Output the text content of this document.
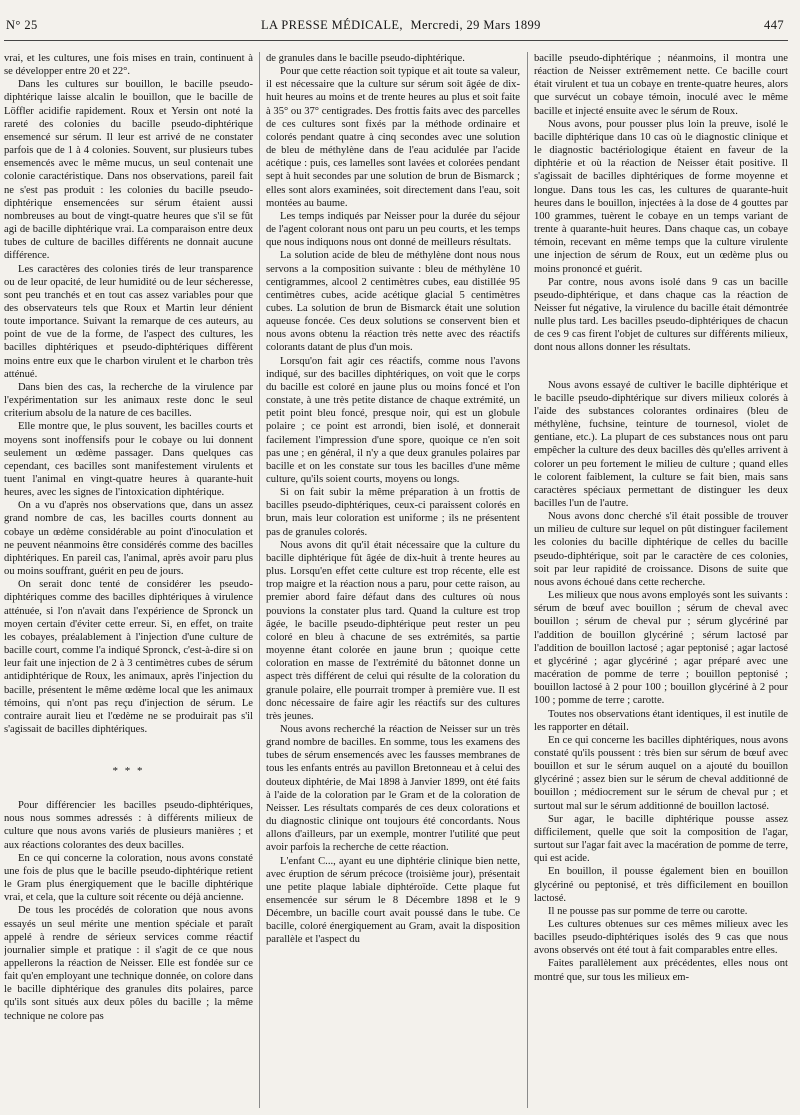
N° 25	LA PRESSE MÉDICALE, Mercredi, 29 Mars 1899	447

vrai, et les cultures, une fois mises en train, continuent à se développer entre 20 et 22°.

Dans les cultures sur bouillon, le bacille pseudo-diphtérique laisse alcalin le bouillon, que le bacille de Löffler acidifie rapidement. Roux et Yersin ont noté la rareté des colonies du bacille pseudo-diphtérique ensemencé sur sérum. Il leur est arrivé de ne constater parfois que de 1 à 4 colonies. Souvent, sur plusieurs tubes ensemencés avec le même mucus, un seul contenait une colonie caractéristique. Dans nos observations, pareil fait ne s'est pas produit : les colonies du bacille pseudo-diphtérique ensemencées sur sérum étaient aussi nombreuses au bout de vingt-quatre heures que s'il se fût agi de bacille diphtérique vrai. La comparaison entre deux tubes de culture de bacilles différents ne donnait aucune différence.

Les caractères des colonies tirés de leur transparence ou de leur opacité, de leur humidité ou de leur sécheresse, sont peu tranchés et en tout cas assez variables pour que des observateurs tels que Roux et Martin leur dénient toute importance. Suivant la remarque de ces auteurs, au point de vue de la forme, de l'aspect des cultures, les bacilles diphtériques et pseudo-diphtériques diffèrent moins entre eux que le charbon virulent et le charbon très atténué.

Dans bien des cas, la recherche de la virulence par l'expérimentation sur les animaux reste donc le seul criterium absolu de la nature de ces bacilles.

Elle montre que, le plus souvent, les bacilles courts et moyens sont inoffensifs pour le cobaye ou lui donnent seulement un œdème passager. Dans quelques cas cependant, ces bacilles sont manifestement virulents et tuent l'animal en vingt-quatre heures à quarante-huit heures, avec les signes de l'intoxication diphtérique.

On a vu d'après nos observations que, dans un assez grand nombre de cas, les bacilles courts donnent au cobaye un œdème considérable au point d'inoculation et ne peuvent néanmoins être considérés comme des bacilles diphtériques. En pareil cas, l'animal, après avoir paru plus ou moins souffrant, guérit en peu de jours.

On serait donc tenté de considérer les pseudo-diphtériques comme des bacilles diphtériques à virulence atténuée, si l'on n'avait dans l'expérience de Spronck un moyen certain d'éviter cette erreur. Si, en effet, on traite les cobayes, préalablement à l'injection d'une culture de bacille court, comme l'a indiqué Spronck, c'est-à-dire si on leur fait une injection de 2 à 3 centimètres cubes de sérum antidiphtérique de Roux, les animaux, après l'injection du bacille, présentent le même œdème local que les animaux témoins, qui n'ont pas reçu d'injection de sérum. Le contraire aurait lieu et l'œdème ne se produirait pas s'il s'agissait de bacilles diphtériques.

* * *

Pour différencier les bacilles pseudo-diphtériques, nous nous sommes adressés : à différents milieux de culture que nous avons variés de plusieurs manières ; et aux réactions colorantes des deux bacilles.

En ce qui concerne la coloration, nous avons constaté une fois de plus que le bacille pseudo-diphtérique retient le Gram plus énergiquement que le bacille diphtérique vrai, et cela, que la culture soit récente ou déjà ancienne.

De tous les procédés de coloration que nous avons essayés un seul mérite une mention spéciale et paraît appelé à rendre de sérieux services comme réactif journalier simple et pratique : il s'agit de ce que nous appellerons la réaction de Neisser. Elle est fondée sur ce fait qu'en employant une technique donnée, on colore dans le bacille diphtérique des granules dits polaires, parce qu'ils sont situés aux deux pôles du bacille ; la même technique ne colore pas

de granules dans le bacille pseudo-diphtérique.

Pour que cette réaction soit typique et ait toute sa valeur, il est nécessaire que la culture sur sérum soit âgée de dix-huit heures au moins et de trente heures au plus et soit faite à 35° ou 37° centigrades. Des frottis faits avec des parcelles de ces cultures sont fixés par la méthode ordinaire et colorés pendant quatre à cinq secondes avec une solution de bleu de méthylène dans de l'eau acidulée par l'acide acétique : puis, ces lamelles sont lavées et colorées pendant sept à huit secondes par une solution de brun de Bismarck ; elles sont alors examinées, soit directement dans l'eau, soit montées au baume.

Les temps indiqués par Neisser pour la durée du séjour de l'agent colorant nous ont paru un peu courts, et les temps que nous indiquons nous ont donné de meilleurs résultats.

La solution acide de bleu de méthylène dont nous nous servons a la composition suivante : bleu de méthylène 10 centigrammes, alcool 2 centimètres cubes, eau distillée 95 centimètres cubes, acide acétique glacial 5 centimètres cubes. La solution de brun de Bismarck était une solution aqueuse foncée. Ces deux solutions se conservent bien et nous avons obtenu la réaction très nette avec des réactifs colorants datant de plus d'un mois.

Lorsqu'on fait agir ces réactifs, comme nous l'avons indiqué, sur des bacilles diphtériques, on voit que le corps du bacille est coloré en jaune plus ou moins foncé et l'on constate, à une très petite distance de chaque extrémité, un petit point bleu foncé, presque noir, qui est un globule polaire ; ce point est arrondi, bien isolé, et donnerait facilement l'impression d'une spore, quoique ce n'en soit pas une ; en général, il n'y a que deux granules polaires par bacille et on les constate sur tous les bacilles d'une même culture, qu'ils soient courts, moyens ou longs.

Si on fait subir la même préparation à un frottis de bacilles pseudo-diphtériques, ceux-ci paraissent colorés en brun, mais leur coloration est uniforme ; ils ne présentent pas de granules colorés.

Nous avons dit qu'il était nécessaire que la culture du bacille diphtérique fût âgée de dix-huit à trente heures au plus. Lorsqu'en effet cette culture est trop récente, elle est trop maigre et la réaction nous a paru, pour cette raison, au premier abord faire défaut dans des cultures où nous pouvions la constater plus tard. Quand la culture est trop âgée, le bacille pseudo-diphtérique peut rester un peu coloré en bleu à chacune de ses extrémités, sa partie moyenne étant colorée en jaune brun ; quoique cette coloration en masse de l'extrémité du bâtonnet donne un aspect très différent de celui qui résulte de la coloration du granule polaire, elle pourrait tromper à première vue. Il est donc nécessaire de faire agir les réactifs sur des cultures très jeunes.

Nous avons recherché la réaction de Neisser sur un très grand nombre de bacilles. En somme, tous les examens des tubes de sérum ensemencés avec les fausses membranes de tous les enfants entrés au pavillon Bretonneau et à celui des douteux diphtérie, de Mai 1898 à Janvier 1899, ont été faits à l'aide de la coloration par le Gram et de la coloration de Neisser. Les résultats comparés de ces deux colorations et du diagnostic clinique ont toujours été concordants. Nous allons d'ailleurs, par un exemple, montrer l'utilité que peut avoir parfois la recherche de cette réaction.

L'enfant C..., ayant eu une diphtérie clinique bien nette, avec éruption de sérum précoce (troisième jour), présentait une petite plaque labiale diphtéroïde. Cette plaque fut ensemencée sur sérum le 8 Décembre 1898 et le 9 Décembre, un bacille court avait poussé dans le tube. Ce bacille, coloré énergiquement au Gram, avait la disposition parallèle et l'aspect du

bacille pseudo-diphtérique ; néanmoins, il montra une réaction de Neisser extrêmement nette. Ce bacille court était virulent et tua un cobaye en trente-quatre heures, alors que survécut un cobaye témoin, inoculé avec le même bacille et injecté ensuite avec le sérum de Roux.

Nous avons, pour pousser plus loin la preuve, isolé le bacille diphtérique dans 10 cas où le diagnostic clinique et le diagnostic bactériologique étaient en faveur de la diphtérie et où la réaction de Neisser était positive. Il s'agissait de bacilles diphtériques de forme moyenne et longue. Dans tous les cas, les cultures de quarante-huit heures dans le bouillon, injectées à la dose de 4 gouttes par 100 grammes, tuèrent le cobaye en un temps variant de trente à quarante-huit heures. Dans chaque cas, un cobaye témoin, recevant en même temps que la culture virulente une injection de sérum de Roux, eut un œdème plus ou moins prononcé et guérit.

Par contre, nous avons isolé dans 9 cas un bacille pseudo-diphtérique, et dans chaque cas la réaction de Neisser fut négative, la virulence du bacille était démontrée nulle plus tard. Les bacilles pseudo-diphtériques de chacun de ces 9 cas firent l'objet de cultures sur différents milieux, dont nous allons donner les résultats.

Nous avons essayé de cultiver le bacille diphtérique et le bacille pseudo-diphtérique sur divers milieux colorés à l'aide des substances colorantes ordinaires (bleu de méthylène, fuchsine, teinture de tournesol, violet de gentiane, etc.). La plupart de ces substances nous ont paru empêcher la culture des deux bacilles dès qu'elles arrivent à colorer un peu fortement le milieu de culture ; quand elles le colorent faiblement, la culture se fait bien, mais sans caractères spéciaux permettant de distinguer les deux bacilles l'un de l'autre.

Nous avons donc cherché s'il était possible de trouver un milieu de culture sur lequel on pût distinguer facilement les colonies du bacille diphtérique de celles du bacille pseudo-diphtérique, soit par le caractère de ces colonies, soit par leur rapidité de croissance. Disons de suite que nous avons échoué dans cette recherche.

Les milieux que nous avons employés sont les suivants : sérum de bœuf avec bouillon ; sérum de cheval avec bouillon ; sérum de cheval pur ; sérum glycériné par l'addition de bouillon glycériné ; sérum lactosé par l'addition de bouillon lactosé ; agar peptonisé ; agar lactosé et glycériné ; agar glycériné ; agar préparé avec une macération de pomme de terre ; bouillon peptonisé ; bouillon lactosé à 2 pour 100 ; bouillon glycériné à 2 pour 100 ; pomme de terre ; carotte.

Toutes nos observations étant identiques, il est inutile de les rapporter en détail.

En ce qui concerne les bacilles diphtériques, nous avons constaté qu'ils poussent : très bien sur sérum de bœuf avec bouillon et sur le sérum auquel on a ajouté du bouillon glycériné ; assez bien sur le sérum de cheval additionné de bouillon ; médiocrement sur le sérum de cheval pur ; et surtout mal sur le sérum additionné de bouillon lactosé.

Sur agar, le bacille diphtérique pousse assez difficilement, quelle que soit la composition de l'agar, surtout sur l'agar fait avec la macération de pomme de terre, qui est acide.

En bouillon, il pousse également bien en bouillon glycériné ou peptonisé, et très difficilement en bouillon lactosé.

Il ne pousse pas sur pomme de terre ou carotte.

Les cultures obtenues sur ces mêmes milieux avec les bacilles pseudo-diphtériques isolés des 9 cas que nous avons observés ont été tout à fait comparables entre elles.

Faites parallèlement aux précédentes, elles nous ont montré que, sur tous les milieux em-
